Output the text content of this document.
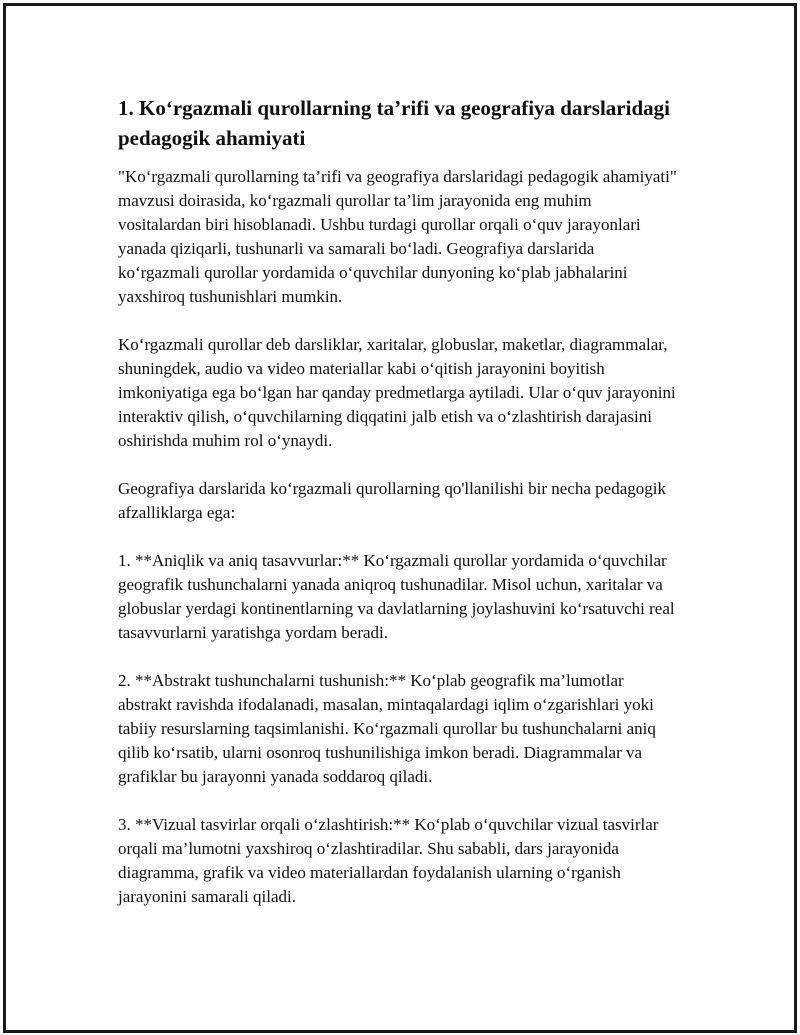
1. Ko‘rgazmali qurollarning ta’rifi va geografiya darslaridagi pedagogik ahamiyati

"Ko‘rgazmali qurollarning ta’rifi va geografiya darslaridagi pedagogik ahamiyati" mavzusi doirasida, ko‘rgazmali qurollar ta’lim jarayonida eng muhim vositalardan biri hisoblanadi. Ushbu turdagi qurollar orqali o‘quv jarayonlari yanada qiziqarli, tushunarli va samarali bo‘ladi. Geografiya darslarida ko‘rgazmali qurollar yordamida o‘quvchilar dunyoning ko‘plab jabhalarini yaxshiroq tushunishlari mumkin.

Ko‘rgazmali qurollar deb darsliklar, xaritalar, globuslar, maketlar, diagrammalar, shuningdek, audio va video materiallar kabi o‘qitish jarayonini boyitish imkoniyatiga ega bo‘lgan har qanday predmetlarga aytiladi. Ular o‘quv jarayonini interaktiv qilish, o‘quvchilarning diqqatini jalb etish va o‘zlashtirish darajasini oshirishda muhim rol o‘ynaydi.

Geografiya darslarida ko‘rgazmali qurollarning qo'llanilishi bir necha pedagogik afzalliklarga ega:

1. **Aniqlik va aniq tasavvurlar:** Ko‘rgazmali qurollar yordamida o‘quvchilar geografik tushunchalarni yanada aniqroq tushunadilar. Misol uchun, xaritalar va globuslar yerdagi kontinentlarning va davlatlarning joylashuvini ko‘rsatuvchi real tasavvurlarni yaratishga yordam beradi.

2. **Abstrakt tushunchalarni tushunish:** Ko‘plab geografik ma’lumotlar abstrakt ravishda ifodalanadi, masalan, mintaqalardagi iqlim o‘zgarishlari yoki tabiiy resurslarning taqsimlanishi. Ko‘rgazmali qurollar bu tushunchalarni aniq qilib ko‘rsatib, ularni osonroq tushunilishiga imkon beradi. Diagrammalar va grafiklar bu jarayonni yanada soddaroq qiladi.

3. **Vizual tasvirlar orqali o‘zlashtirish:** Ko‘plab o‘quvchilar vizual tasvirlar orqali ma’lumotni yaxshiroq o‘zlashtiradilar. Shu sababli, dars jarayonida diagramma, grafik va video materiallardan foydalanish ularning o‘rganish jarayonini samarali qiladi.
